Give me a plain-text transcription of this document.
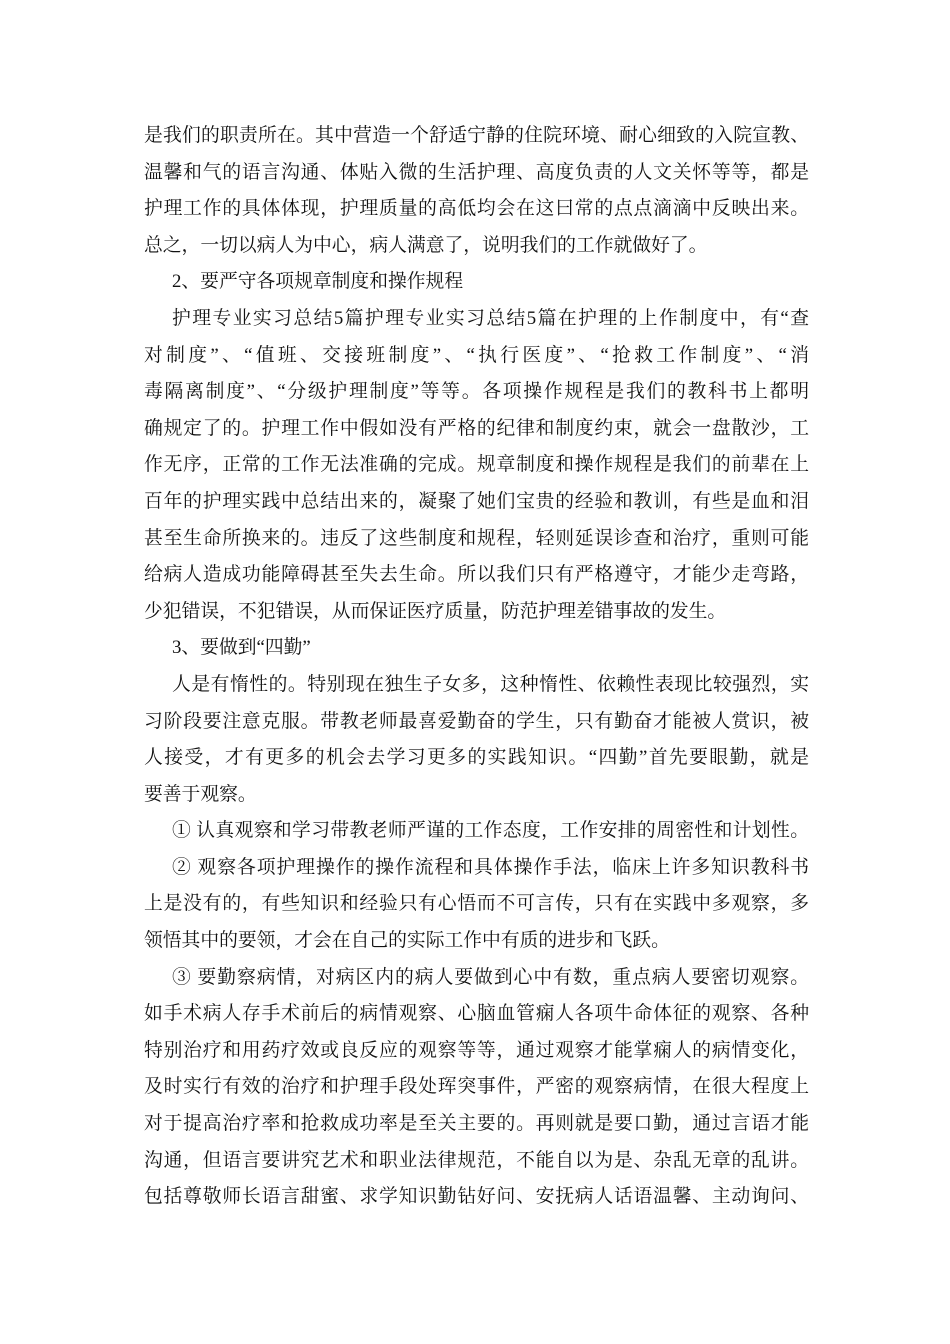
是我们的职责所在。其中营造一个舒适宁静的住院环境、耐心细致的入院宣教、
温馨和气的语言沟通、体贴入微的生活护理、高度负责的人文关怀等等，都是
护理工作的具体体现，护理质量的高低均会在这曰常的点点滴滴中反映出来。
总之，一切以病人为中心，病人满意了，说明我们的工作就做好了。
2、要严守各项规章制度和操作规程
护理专业实习总结5篇护理专业实习总结5篇在护理的上作制度中，有“查
对制度”、“值班、交接班制度”、“执行医度”、“抢救工作制度”、“消
毒隔离制度”、“分级护理制度”等等。各项操作规程是我们的教科书上都明
确规定了的。护理工作中假如没有严格的纪律和制度约束，就会一盘散沙，工
作无序，正常的工作无法准确的完成。规章制度和操作规程是我们的前辈在上
百年的护理实践中总结出来的，凝聚了她们宝贵的经验和教训，有些是血和泪
甚至生命所换来的。违反了这些制度和规程，轻则延误诊查和治疗，重则可能
给病人造成功能障碍甚至失去生命。所以我们只有严格遵守，才能少走弯路，
少犯错误，不犯错误，从而保证医疗质量，防范护理差错事故的发生。
3、要做到“四勤”
人是有惰性的。特别现在独生子女多，这种惰性、依赖性表现比较强烈，实
习阶段要注意克服。带教老师最喜爱勤奋的学生，只有勤奋才能被人赏识，被
人接受，才有更多的机会去学习更多的实践知识。“四勤”首先要眼勤，就是
要善于观察。
① 认真观察和学习带教老师严谨的工作态度，工作安排的周密性和计划性。
② 观察各项护理操作的操作流程和具体操作手法，临床上许多知识教科书
上是没有的，有些知识和经验只有心悟而不可言传，只有在实践中多观察，多
领悟其中的要领，才会在自己的实际工作中有质的进步和飞跃。
③ 要勤察病情，对病区内的病人要做到心中有数，重点病人要密切观察。
如手术病人存手术前后的病情观察、心脑血管痫人各项牛命体征的观察、各种
特别治疗和用药疗效或良反应的观察等等，通过观察才能掌痫人的病情变化，
及时实行有效的治疗和护理手段处珲突事件，严密的观察病情，在很大程度上
对于提高治疗率和抢救成功率是至关主要的。再则就是要口勤，通过言语才能
沟通，但语言要讲究艺术和职业法律规范，不能自以为是、杂乱无章的乱讲。
包括尊敬师长语言甜蜜、求学知识勤钻好问、安抚病人话语温馨、主动询问、
